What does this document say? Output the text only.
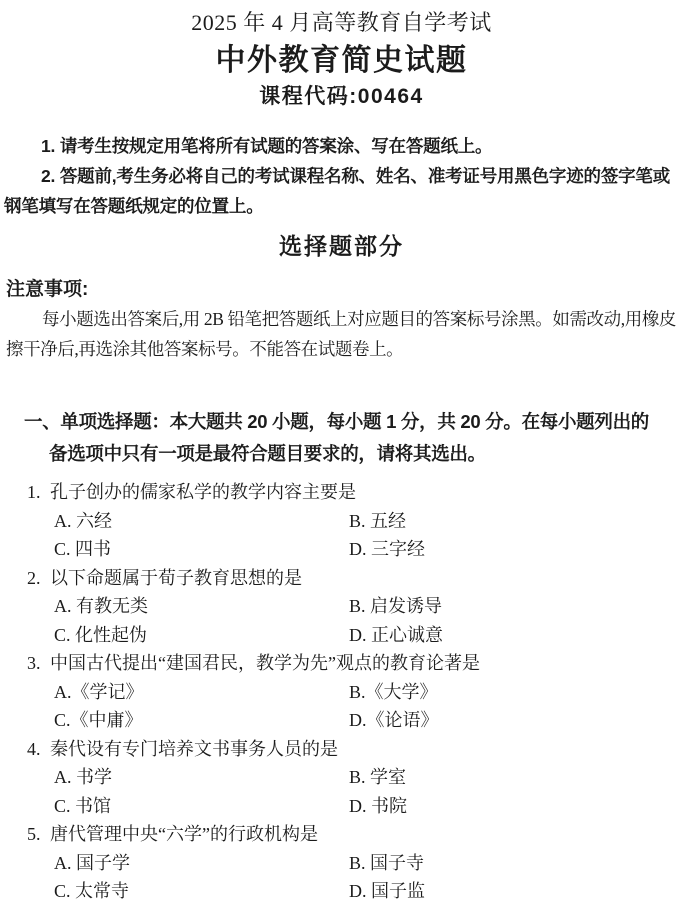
2025 年 4 月高等教育自学考试
中外教育简史试题
课程代码:00464

1. 请考生按规定用笔将所有试题的答案涂、写在答题纸上。

2. 答题前,考生务必将自己的考试课程名称、姓名、准考证号用黑色字迹的签字笔或钢笔填写在答题纸规定的位置上。

选择题部分
注意事项:

每小题选出答案后,用 2B 铅笔把答题纸上对应题目的答案标号涂黑。如需改动,用橡皮擦干净后,再选涂其他答案标号。不能答在试题卷上。

一、单项选择题：本大题共 20 小题，每小题 1 分，共 20 分。在每小题列出的备选项中只有一项是最符合题目要求的，请将其选出。
1. 孔子创办的儒家私学的教学内容主要是
A. 六经	B. 五经
C. 四书	D. 三字经
2. 以下命题属于荀子教育思想的是
A. 有教无类	B. 启发诱导
C. 化性起伪	D. 正心诚意
3. 中国古代提出“建国君民，教学为先”观点的教育论著是
A.《学记》	B.《大学》
C.《中庸》	D.《论语》
4. 秦代设有专门培养文书事务人员的是
A. 书学	B. 学室
C. 书馆	D. 书院
5. 唐代管理中央“六学”的行政机构是
A. 国子学	B. 国子寺
C. 太常寺	D. 国子监
